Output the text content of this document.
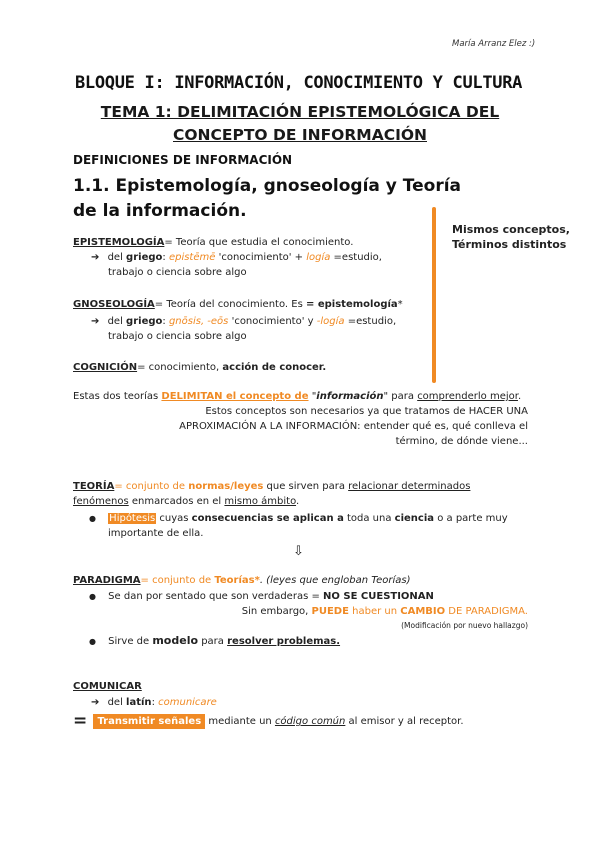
María Arranz Elez :)
BLOQUE I: INFORMACIÓN, CONOCIMIENTO Y CULTURA
TEMA 1: DELIMITACIÓN EPISTEMOLÓGICA DEL CONCEPTO DE INFORMACIÓN
DEFINICIONES DE INFORMACIÓN
1.1. Epistemología, gnoseología y Teoría de la información.
Mismos conceptos,
Términos distintos
EPISTEMOLOGÍA= Teoría que estudia el conocimiento.
➔ del griego: epistēmē 'conocimiento' + logía =estudio,
trabajo o ciencia sobre algo
GNOSEOLOGÍA= Teoría del conocimiento. Es = epistemología*
➔ del griego: gnōsis, -eōs 'conocimiento' y -logía =estudio,
trabajo o ciencia sobre algo
COGNICIÓN= conocimiento, acción de conocer.
Estas dos teorías DELIMITAN el concepto de "información" para comprenderlo mejor.
Estos conceptos son necesarios ya que tratamos de HACER UNA
APROXIMACIÓN A LA INFORMACIÓN: entender qué es, qué conlleva el
término, de dónde viene...
TEORÍA= conjunto de normas/leyes que sirven para relacionar determinados
fenómenos enmarcados en el mismo ámbito.
● Hipótesis cuyas consecuencias se aplican a toda una ciencia o a parte muy
importante de ella.
⇩
PARADIGMA= conjunto de Teorías*. (leyes que engloban Teorías)
● Se dan por sentado que son verdaderas = NO SE CUESTIONAN
Sin embargo, PUEDE haber un CAMBIO DE PARADIGMA.
(Modificación por nuevo hallazgo)
● Sirve de modelo para resolver problemas.
COMUNICAR
➔ del latín: comunicare
= Transmitir señales mediante un código común al emisor y al receptor.
